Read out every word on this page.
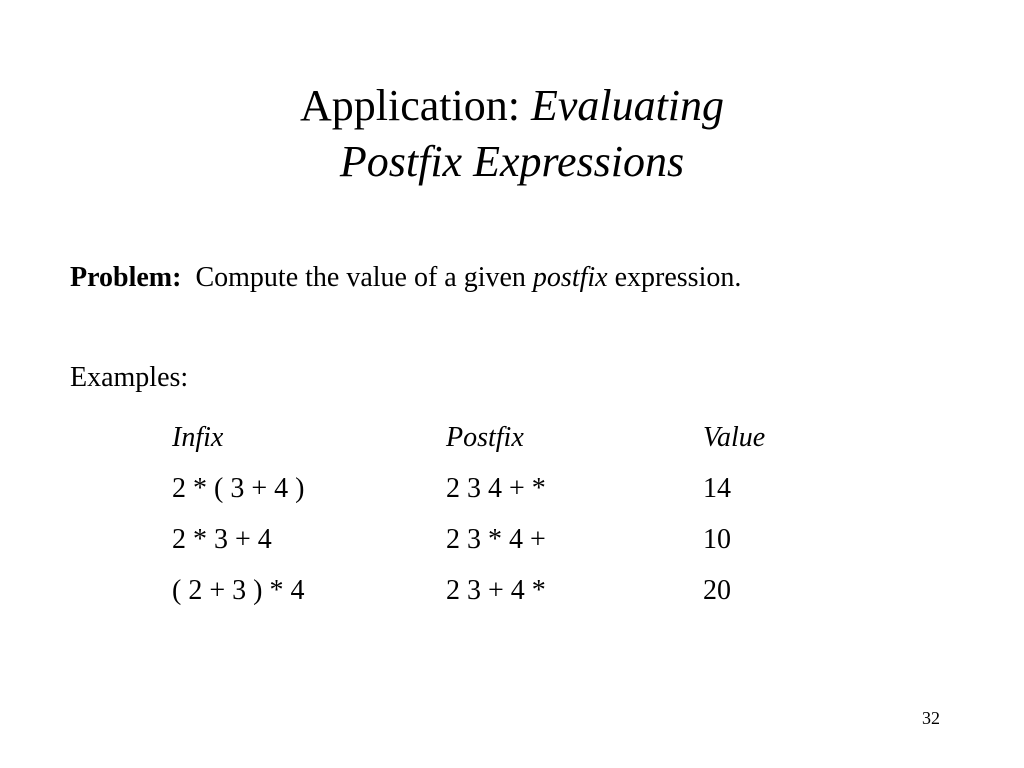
Application: Evaluating
Postfix Expressions
Problem: Compute the value of a given postfix expression.
Examples:
Infix	Postfix	Value
2 * ( 3 + 4 )	2 3 4 + *	14
2 * 3 + 4	2 3 * 4 +	10
( 2 + 3 ) * 4	2 3 + 4 *	20
32
